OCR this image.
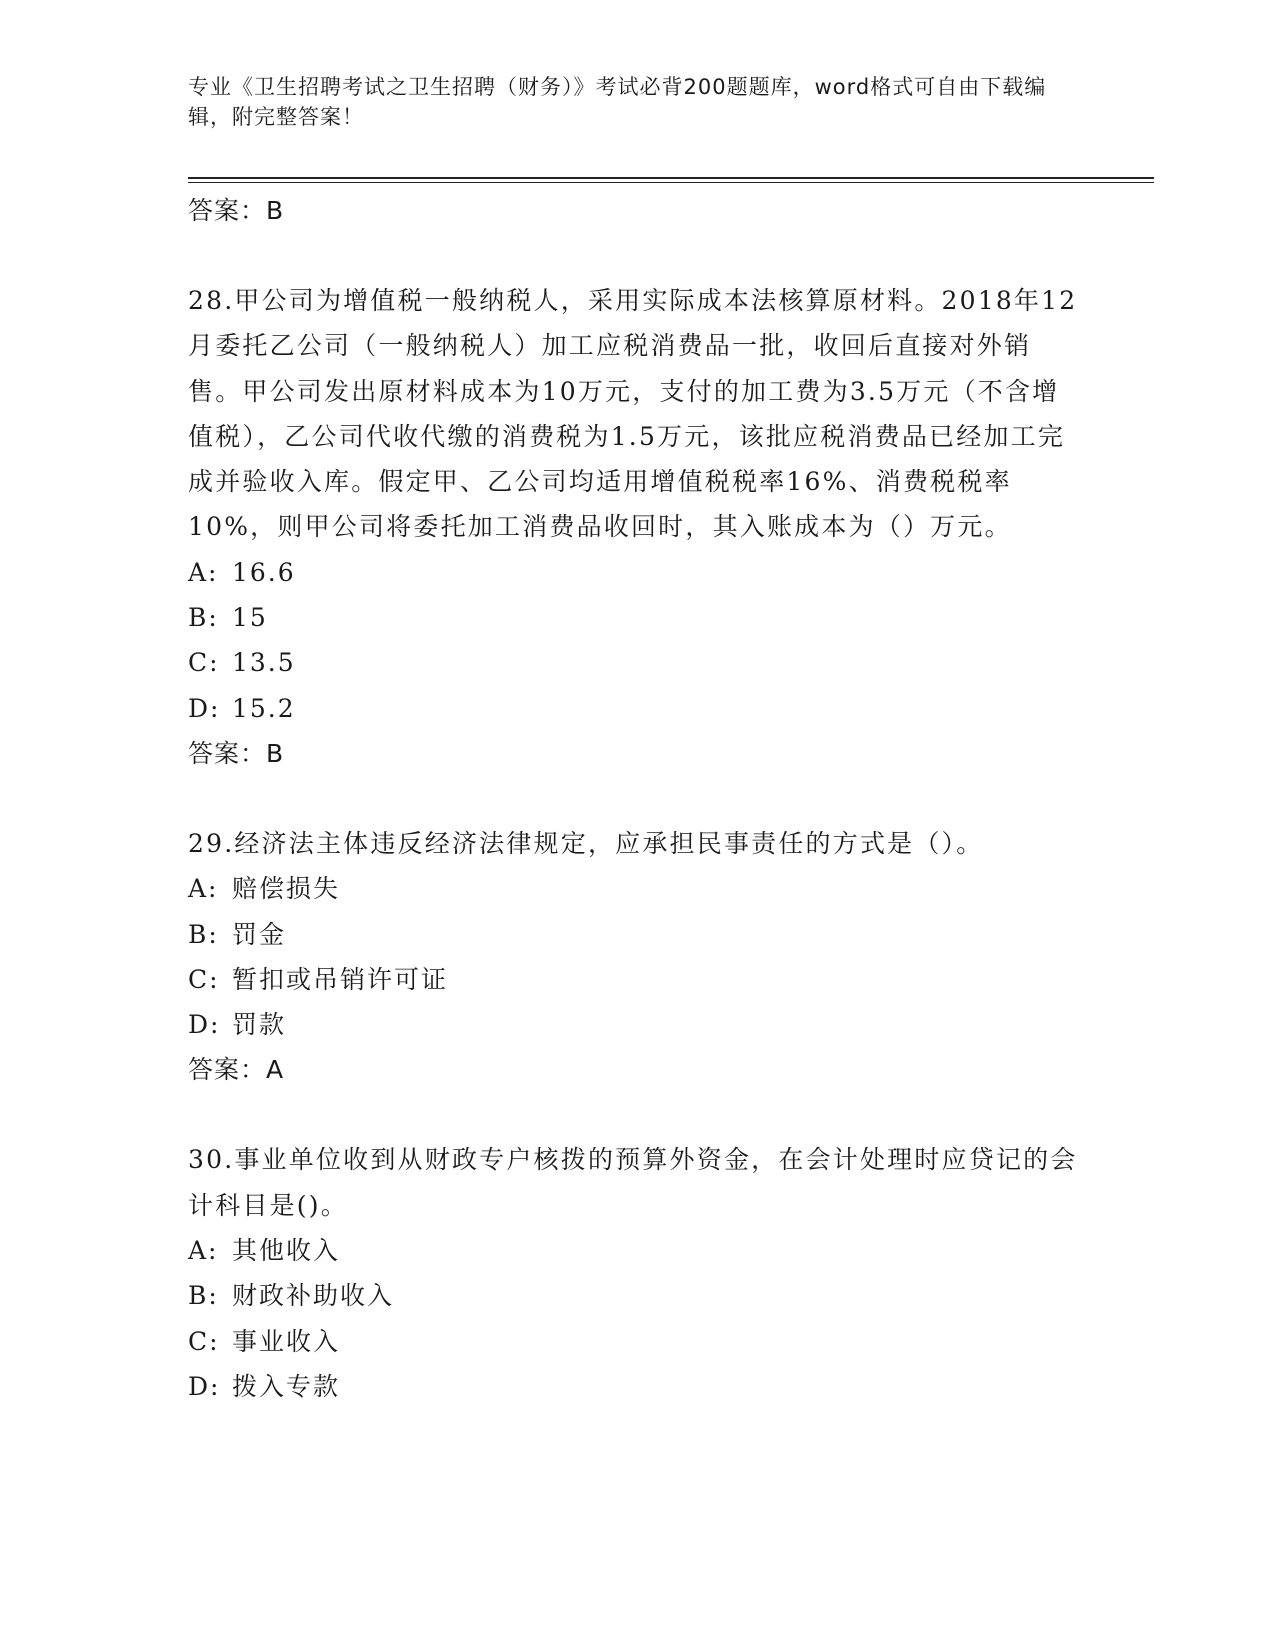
专业《卫生招聘考试之卫生招聘（财务）》考试必背200题题库，word格式可自由下载编辑，附完整答案！
答案：B
28.甲公司为增值税一般纳税人，采用实际成本法核算原材料。2018年12月委托乙公司（一般纳税人）加工应税消费品一批，收回后直接对外销售。甲公司发出原材料成本为10万元，支付的加工费为3.5万元（不含增值税），乙公司代收代缴的消费税为1.5万元，该批应税消费品已经加工完成并验收入库。假定甲、乙公司均适用增值税税率16%、消费税税率10%，则甲公司将委托加工消费品收回时，其入账成本为（）万元。
A: 16.6
B: 15
C: 13.5
D: 15.2
答案：B
29.经济法主体违反经济法律规定，应承担民事责任的方式是（）。
A: 赔偿损失
B: 罚金
C: 暂扣或吊销许可证
D: 罚款
答案：A
30.事业单位收到从财政专户核拨的预算外资金，在会计处理时应贷记的会计科目是()。
A: 其他收入
B: 财政补助收入
C: 事业收入
D: 拨入专款
